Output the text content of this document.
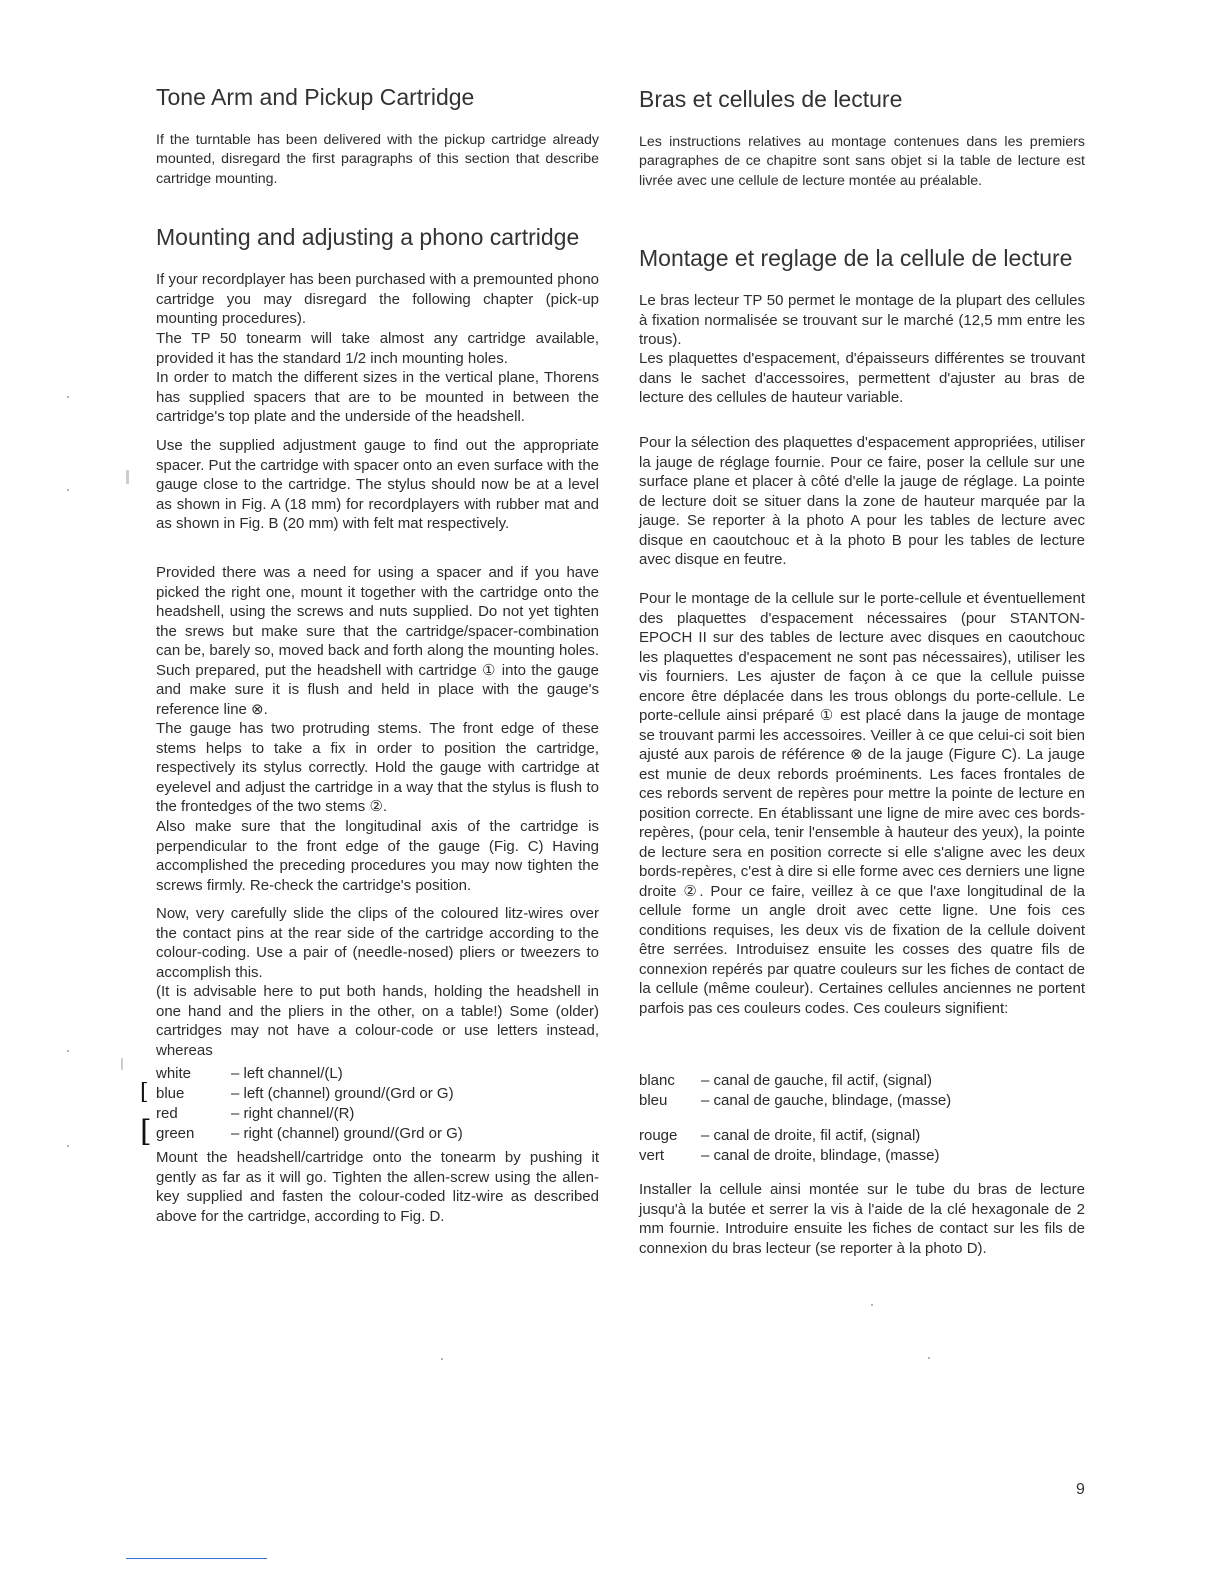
Tone Arm and Pickup Cartridge

If the turntable has been delivered with the pickup cartridge already mounted, disregard the first paragraphs of this section that describe cartridge mounting.

Mounting and adjusting a phono cartridge

If your recordplayer has been purchased with a premounted phono cartridge you may disregard the following chapter (pick-up mounting procedures).

The TP 50 tonearm will take almost any cartridge available, provided it has the standard 1/2 inch mounting holes.

In order to match the different sizes in the vertical plane, Thorens has supplied spacers that are to be mounted in between the cartridge's top plate and the underside of the headshell.

Use the supplied adjustment gauge to find out the appropriate spacer. Put the cartridge with spacer onto an even surface with the gauge close to the cartridge. The stylus should now be at a level as shown in Fig. A (18 mm) for recordplayers with rubber mat and as shown in Fig. B (20 mm) with felt mat respectively.

Provided there was a need for using a spacer and if you have picked the right one, mount it together with the cartridge onto the headshell, using the screws and nuts supplied. Do not yet tighten the srews but make sure that the cartridge/spacer-combination can be, barely so, moved back and forth along the mounting holes. Such prepared, put the headshell with cartridge ① into the gauge and make sure it is flush and held in place with the gauge's reference line ⊗.

The gauge has two protruding stems. The front edge of these stems helps to take a fix in order to position the cartridge, respectively its stylus correctly. Hold the gauge with cartridge at eyelevel and adjust the cartridge in a way that the stylus is flush to the frontedges of the two stems ②.

Also make sure that the longitudinal axis of the cartridge is perpendicular to the front edge of the gauge (Fig. C) Having accomplished the preceding procedures you may now tighten the screws firmly. Re-check the cartridge's position.

Now, very carefully slide the clips of the coloured litz-wires over the contact pins at the rear side of the cartridge according to the colour-coding. Use a pair of (needle-nosed) pliers or tweezers to accomplish this.

(It is advisable here to put both hands, holding the headshell in one hand and the pliers in the other, on a table!) Some (older) cartridges may not have a colour-code or use letters instead, whereas

white	– left channel/(L)
blue	– left (channel) ground/(Grd or G)
red	– right channel/(R)
green	– right (channel) ground/(Grd or G)

Mount the headshell/cartridge onto the tonearm by pushing it gently as far as it will go. Tighten the allen-screw using the allen-key supplied and fasten the colour-coded litz-wire as described above for the cartridge, according to Fig. D.

[
[
Bras et cellules de lecture

Les instructions relatives au montage contenues dans les premiers paragraphes de ce chapitre sont sans objet si la table de lecture est livrée avec une cellule de lecture montée au préalable.

Montage et reglage de la cellule de lecture

Le bras lecteur TP 50 permet le montage de la plupart des cellules à fixation normalisée se trouvant sur le marché (12,5 mm entre les trous).

Les plaquettes d'espacement, d'épaisseurs différentes se trouvant dans le sachet d'accessoires, permettent d'ajuster au bras de lecture des cellules de hauteur variable.

Pour la sélection des plaquettes d'espacement appropriées, utiliser la jauge de réglage fournie. Pour ce faire, poser la cellule sur une surface plane et placer à côté d'elle la jauge de réglage. La pointe de lecture doit se situer dans la zone de hauteur marquée par la jauge. Se reporter à la photo A pour les tables de lecture avec disque en caoutchouc et à la photo B pour les tables de lecture avec disque en feutre.

Pour le montage de la cellule sur le porte-cellule et éventuellement des plaquettes d'espacement nécessaires (pour STANTON-EPOCH II sur des tables de lecture avec disques en caoutchouc les plaquettes d'espacement ne sont pas nécessaires), utiliser les vis fourniers. Les ajuster de façon à ce que la cellule puisse encore être déplacée dans les trous oblongs du porte-cellule. Le porte-cellule ainsi préparé ① est placé dans la jauge de montage se trouvant parmi les accessoires. Veiller à ce que celui-ci soit bien ajusté aux parois de référence ⊗ de la jauge (Figure C). La jauge est munie de deux rebords proéminents. Les faces frontales de ces rebords servent de repères pour mettre la pointe de lecture en position correcte. En établissant une ligne de mire avec ces bords-repères, (pour cela, tenir l'ensemble à hauteur des yeux), la pointe de lecture sera en position correcte si elle s'aligne avec les deux bords-repères, c'est à dire si elle forme avec ces derniers une ligne droite ②. Pour ce faire, veillez à ce que l'axe longitudinal de la cellule forme un angle droit avec cette ligne. Une fois ces conditions requises, les deux vis de fixation de la cellule doivent être serrées. Introduisez ensuite les cosses des quatre fils de connexion repérés par quatre couleurs sur les fiches de contact de la cellule (même couleur). Certaines cellules anciennes ne portent parfois pas ces couleurs codes. Ces couleurs signifient:

blanc	– canal de gauche, fil actif, (signal)
bleu	– canal de gauche, blindage, (masse)
rouge	– canal de droite, fil actif, (signal)
vert	– canal de droite, blindage, (masse)

Installer la cellule ainsi montée sur le tube du bras de lecture jusqu'à la butée et serrer la vis à l'aide de la clé hexagonale de 2 mm fournie. Introduire ensuite les fiches de contact sur les fils de connexion du bras lecteur (se reporter à la photo D).

9
